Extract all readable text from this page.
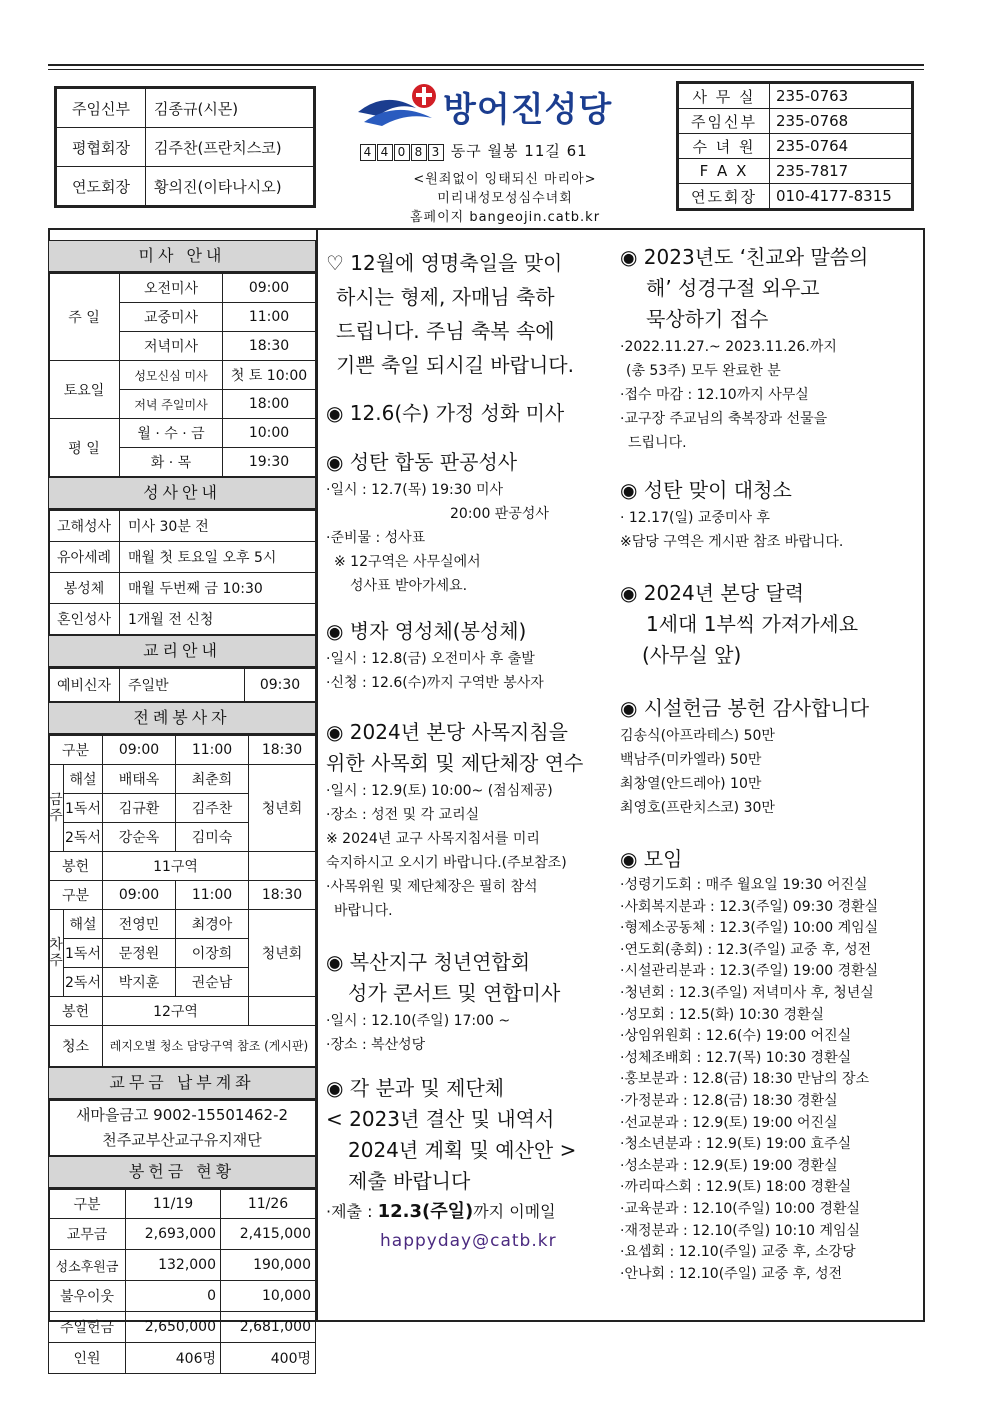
주임신부	김종규(시몬)
평협회장	김주찬(프란치스코)
연도회장	황의진(이타나시오)
방어진성당
4 4 0 8 3 동구 월봉 11길 61
<원죄없이 잉태되신 마리아>
미리내성모성심수녀회
홈페이지 bangeojin.catb.kr
사 무 실	235-0763
주임신부	235-0768
수 녀 원	235-0764
F A X	235-7817
연도회장	010-4177-8315
미사 안내
주 일	오전미사	09:00
	교중미사	11:00
	저녁미사	18:30
토요일	성모신심 미사	첫 토 10:00
	저녁 주일미사	18:00
평 일	월 · 수 · 금	10:00
	화 · 목	19:30
성사안내
고해성사	미사 30분 전
유아세례	매월 첫 토요일 오후 5시
봉성체	매월 두번째 금 10:30
혼인성사	1개월 전 신청
교리안내
예비신자	주일반	09:30
전례봉사자
구분		09:00	11:00	18:30
금주	해설	배태옥	최춘희	청년회
	1독서	김규환	김주찬	
	2독서	강순옥	김미숙	
봉헌		11구역		
구분		09:00	11:00	18:30
차주	해설	전영민	최경아	청년회
	1독서	문정원	이장희	
	2독서	박지훈	권순남	
봉헌		12구역		
청소		레지오별 청소 담당구역 참조 (게시판)		
교무금 납부계좌
새마을금고 9002-15501462-2
천주교부산교구유지재단
봉헌금 현황
구분	11/19	11/26
교무금	2,693,000	2,415,000
성소후원금	132,000	190,000
불우이웃	0	10,000
주일헌금	2,650,000	2,681,000
인원	406명	400명
♡ 12월에 영명축일을 맞이
하시는 형제, 자매님 축하
드립니다. 주님 축복 속에
기쁜 축일 되시길 바랍니다.
◉ 12.6(수) 가정 성화 미사
◉ 성탄 합동 판공성사

·일시 : 12.7(목) 19:30 미사

20:00 판공성사

·준비물 : 성사표

※ 12구역은 사무실에서

성사표 받아가세요.

◉ 병자 영성체(봉성체)

·일시 : 12.8(금) 오전미사 후 출발

·신청 : 12.6(수)까지 구역반 봉사자

◉ 2024년 본당 사목지침을
위한 사목회 및 제단체장 연수

·일시 : 12.9(토) 10:00~ (점심제공)

·장소 : 성전 및 각 교리실

※ 2024년 교구 사목지침서를 미리

숙지하시고 오시기 바랍니다.(주보참조)

·사목위원 및 제단체장은 필히 참석

바랍니다.

◉ 복산지구 청년연합회
성가 콘서트 및 연합미사

·일시 : 12.10(주일) 17:00 ~

·장소 : 복산성당

◉ 각 분과 및 제단체
< 2023년 결산 및 내역서
2024년 계획 및 예산안 >
제출 바랍니다

·제출 : 12.3(주일)까지 이메일

happyday@catb.kr

◉ 2023년도 ‘친교와 말씀의
해’ 성경구절 외우고
묵상하기 접수

·2022.11.27.~ 2023.11.26.까지

(총 53주) 모두 완료한 분

·접수 마감 : 12.10까지 사무실

·교구장 주교님의 축복장과 선물을

드립니다.

◉ 성탄 맞이 대청소

· 12.17(일) 교중미사 후

※담당 구역은 게시판 참조 바랍니다.

◉ 2024년 본당 달력
1세대 1부씩 가져가세요
(사무실 앞)
◉ 시설헌금 봉헌 감사합니다

김송식(아프라테스) 50만

백남주(미카엘라) 50만

최창열(안드레아) 10만

최영호(프란치스코) 30만

◉ 모임

·성령기도회 : 매주 월요일 19:30 어진실

·사회복지분과 : 12.3(주일) 09:30 경환실

·형제소공동체 : 12.3(주일) 10:00 계임실

·연도회(총회) : 12.3(주일) 교중 후, 성전

·시설관리분과 : 12.3(주일) 19:00 경환실

·청년회 : 12.3(주일) 저녁미사 후, 청년실

·성모회 : 12.5(화) 10:30 경환실

·상임위원회 : 12.6(수) 19:00 어진실

·성체조배회 : 12.7(목) 10:30 경환실

·홍보분과 : 12.8(금) 18:30 만남의 장소

·가정분과 : 12.8(금) 18:30 경환실

·선교분과 : 12.9(토) 19:00 어진실

·청소년분과 : 12.9(토) 19:00 효주실

·성소분과 : 12.9(토) 19:00 경환실

·까리따스회 : 12.9(토) 18:00 경환실

·교육분과 : 12.10(주일) 10:00 경환실

·재정분과 : 12.10(주일) 10:10 계임실

·요셉회 : 12.10(주일) 교중 후, 소강당

·안나회 : 12.10(주일) 교중 후, 성전
